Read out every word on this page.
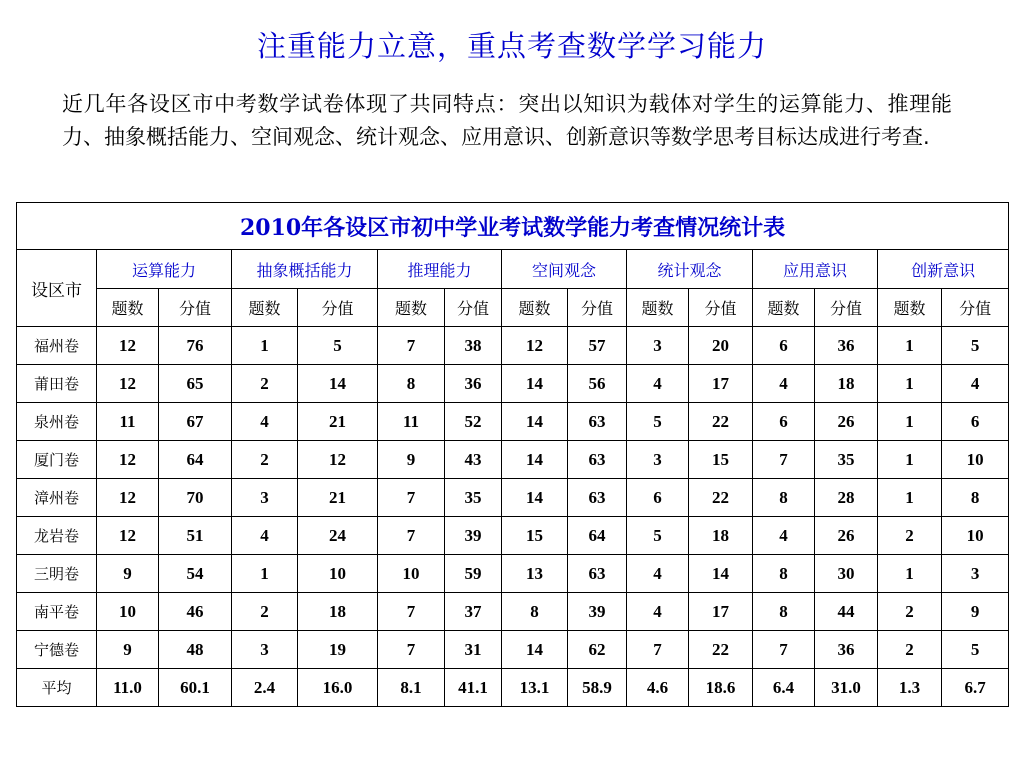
注重能力立意，重点考查数学学习能力
近几年各设区市中考数学试卷体现了共同特点：突出以知识为载体对学生的运算能力、推理能力、抽象概括能力、空间观念、统计观念、应用意识、创新意识等数学思考目标达成进行考查.
2010年各设区市初中学业考试数学能力考查情况统计表														
设区市	运算能力		抽象概括能力		推理能力		空间观念		统计观念		应用意识		创新意识	
	题数	分值	题数	分值	题数	分值	题数	分值	题数	分值	题数	分值	题数	分值
福州卷	12	76	1	5	7	38	12	57	3	20	6	36	1	5
莆田卷	12	65	2	14	8	36	14	56	4	17	4	18	1	4
泉州卷	11	67	4	21	11	52	14	63	5	22	6	26	1	6
厦门卷	12	64	2	12	9	43	14	63	3	15	7	35	1	10
漳州卷	12	70	3	21	7	35	14	63	6	22	8	28	1	8
龙岩卷	12	51	4	24	7	39	15	64	5	18	4	26	2	10
三明卷	9	54	1	10	10	59	13	63	4	14	8	30	1	3
南平卷	10	46	2	18	7	37	8	39	4	17	8	44	2	9
宁德卷	9	48	3	19	7	31	14	62	7	22	7	36	2	5
平均	11.0	60.1	2.4	16.0	8.1	41.1	13.1	58.9	4.6	18.6	6.4	31.0	1.3	6.7
